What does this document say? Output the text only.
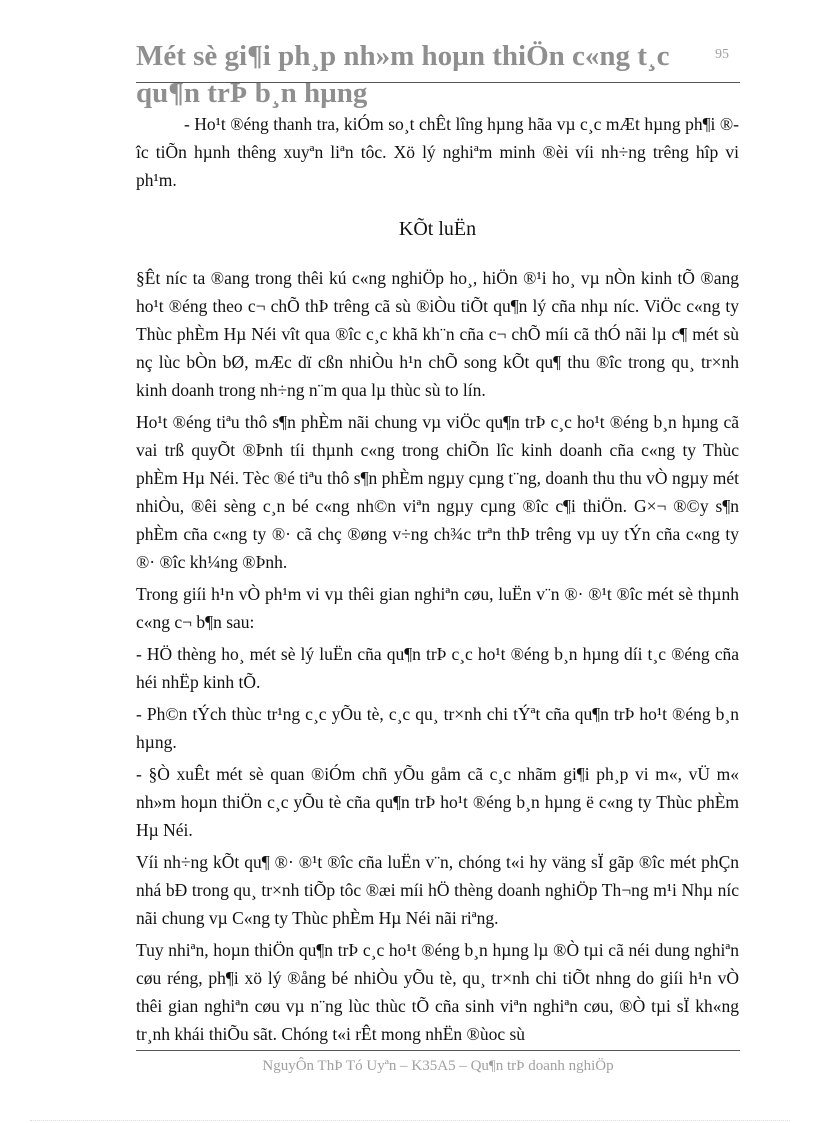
Mét sè gi¶i ph¸p nh»m hoµn thiÖn c«ng t¸c qu¶n trÞ b¸n hµng
95

- Ho¹t ®éng thanh tra, kiÓm so¸t chÊt lîng hµng hãa vµ c¸c mÆt hµng ph¶i ®îc tiÕn hµnh thêng xuyªn liªn tôc. Xö lý nghiªm minh ®èi víi nh÷ng trêng hîp vi ph¹m.

KÕt luËn

§Êt níc ta ®ang trong thêi kú c«ng nghiÖp ho¸, hiÖn ®¹i ho¸ vµ nÒn kinh tÕ ®ang ho¹t ®éng theo c¬ chÕ thÞ trêng cã sù ®iÒu tiÕt qu¶n lý cña nhµ níc. ViÖc c«ng ty Thùc phÈm Hµ Néi vît qua ®îc c¸c khã kh¨n cña c¬ chÕ míi cã thÓ nãi lµ c¶ mét sù nç lùc bÒn bØ, mÆc dï cßn nhiÒu h¹n chÕ song kÕt qu¶ thu ®îc trong qu¸ tr×nh kinh doanh trong nh÷ng n¨m qua lµ thùc sù to lín.

Ho¹t ®éng tiªu thô s¶n phÈm nãi chung vµ viÖc qu¶n trÞ c¸c ho¹t ®éng b¸n hµng cã vai trß quyÕt ®Þnh tíi thµnh c«ng trong chiÕn lîc kinh doanh cña c«ng ty Thùc phÈm Hµ Néi. Tèc ®é tiªu thô s¶n phÈm ngµy cµng t¨ng, doanh thu thu vÒ ngµy mét nhiÒu, ®êi sèng c¸n bé c«ng nh©n viªn ngµy cµng ®îc c¶i thiÖn. G×¬ ®©y s¶n phÈm cña c«ng ty ®· cã chç ®øng v÷ng ch¾c trªn thÞ trêng vµ uy tÝn cña c«ng ty ®· ®îc kh¼ng ®Þnh.

Trong giíi h¹n vÒ ph¹m vi vµ thêi gian nghiªn cøu, luËn v¨n ®· ®¹t ®îc mét sè thµnh c«ng c¬ b¶n sau:

- HÖ thèng ho¸ mét sè lý luËn cña qu¶n trÞ c¸c ho¹t ®éng b¸n hµng díi t¸c ®éng cña héi nhËp kinh tÕ.

- Ph©n tÝch thùc tr¹ng c¸c yÕu tè, c¸c qu¸ tr×nh chi tÝªt cña qu¶n trÞ ho¹t ®éng b¸n hµng.

- §Ò xuÊt mét sè quan ®iÓm chñ yÕu gåm cã c¸c nhãm gi¶i ph¸p vi m«, vÜ m« nh»m hoµn thiÖn c¸c yÕu tè cña qu¶n trÞ ho¹t ®éng b¸n hµng ë c«ng ty Thùc phÈm Hµ Néi.

Víi nh÷ng kÕt qu¶ ®· ®¹t ®îc cña luËn v¨n, chóng t«i hy väng sÏ gãp ®îc mét phÇn nhá bÐ trong qu¸ tr×nh tiÕp tôc ®æi míi hÖ thèng doanh nghiÖp Th¬ng m¹i Nhµ níc nãi chung vµ C«ng ty Thùc phÈm Hµ Néi nãi riªng.

Tuy nhiªn, hoµn thiÖn qu¶n trÞ c¸c ho¹t ®éng b¸n hµng lµ ®Ò tµi cã néi dung nghiªn cøu réng, ph¶i xö lý ®ång bé nhiÒu yÕu tè, qu¸ tr×nh chi tiÕt nhng do giíi h¹n vÒ thêi gian nghiªn cøu vµ n¨ng lùc thùc tÕ cña sinh viªn nghiªn cøu, ®Ò tµi sÏ kh«ng tr¸nh khái thiÕu sãt. Chóng t«i rÊt mong nhËn ®ùoc sù

NguyÔn ThÞ Tó Uyªn – K35A5 – Qu¶n trÞ doanh nghiÖp
